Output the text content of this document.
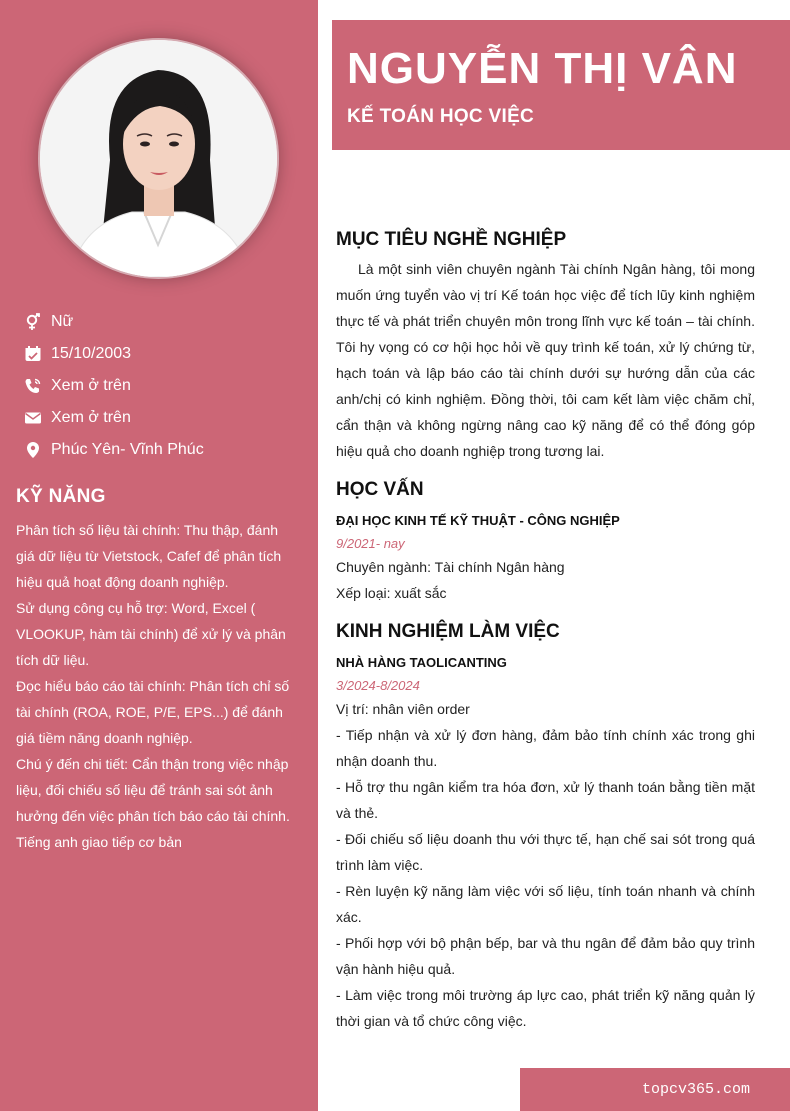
Nữ
15/10/2003
Xem ở trên
Xem ở trên
Phúc Yên- Vĩnh Phúc
KỸ NĂNG

Phân tích số liệu tài chính: Thu thập, đánh giá dữ liệu từ Vietstock, Cafef để phân tích hiệu quả hoạt động doanh nghiệp.

Sử dụng công cụ hỗ trợ: Word, Excel ( VLOOKUP, hàm tài chính) để xử lý và phân tích dữ liệu.

Đọc hiểu báo cáo tài chính: Phân tích chỉ số tài chính (ROA, ROE, P/E, EPS...) để đánh giá tiềm năng doanh nghiệp.

Chú ý đến chi tiết: Cẩn thận trong việc nhập liệu, đối chiếu số liệu để tránh sai sót ảnh hưởng đến việc phân tích báo cáo tài chính.

Tiếng anh giao tiếp cơ bản

NGUYỄN THỊ VÂN
KẾ TOÁN HỌC VIỆC
MỤC TIÊU NGHỀ NGHIỆP

Là một sinh viên chuyên ngành Tài chính Ngân hàng, tôi mong muốn ứng tuyển vào vị trí Kế toán học việc để tích lũy kinh nghiệm thực tế và phát triển chuyên môn trong lĩnh vực kế toán – tài chính. Tôi hy vọng có cơ hội học hỏi về quy trình kế toán, xử lý chứng từ, hạch toán và lập báo cáo tài chính dưới sự hướng dẫn của các anh/chị có kinh nghiệm. Đồng thời, tôi cam kết làm việc chăm chỉ, cẩn thận và không ngừng nâng cao kỹ năng để có thể đóng góp hiệu quả cho doanh nghiệp trong tương lai.

HỌC VẤN

ĐẠI HỌC KINH TẾ KỸ THUẬT - CÔNG NGHIỆP

9/2021- nay

Chuyên ngành: Tài chính Ngân hàng

Xếp loại: xuất sắc

KINH NGHIỆM LÀM VIỆC

NHÀ HÀNG TAOLICANTING

3/2024-8/2024

Vị trí: nhân viên order

- Tiếp nhận và xử lý đơn hàng, đảm bảo tính chính xác trong ghi nhận doanh thu.

- Hỗ trợ thu ngân kiểm tra hóa đơn, xử lý thanh toán bằng tiền mặt và thẻ.

- Đối chiếu số liệu doanh thu với thực tế, hạn chế sai sót trong quá trình làm việc.

- Rèn luyện kỹ năng làm việc với số liệu, tính toán nhanh và chính xác.

- Phối hợp với bộ phận bếp, bar và thu ngân để đảm bảo quy trình vận hành hiệu quả.

- Làm việc trong môi trường áp lực cao, phát triển kỹ năng quản lý thời gian và tổ chức công việc.

topcv365.com
